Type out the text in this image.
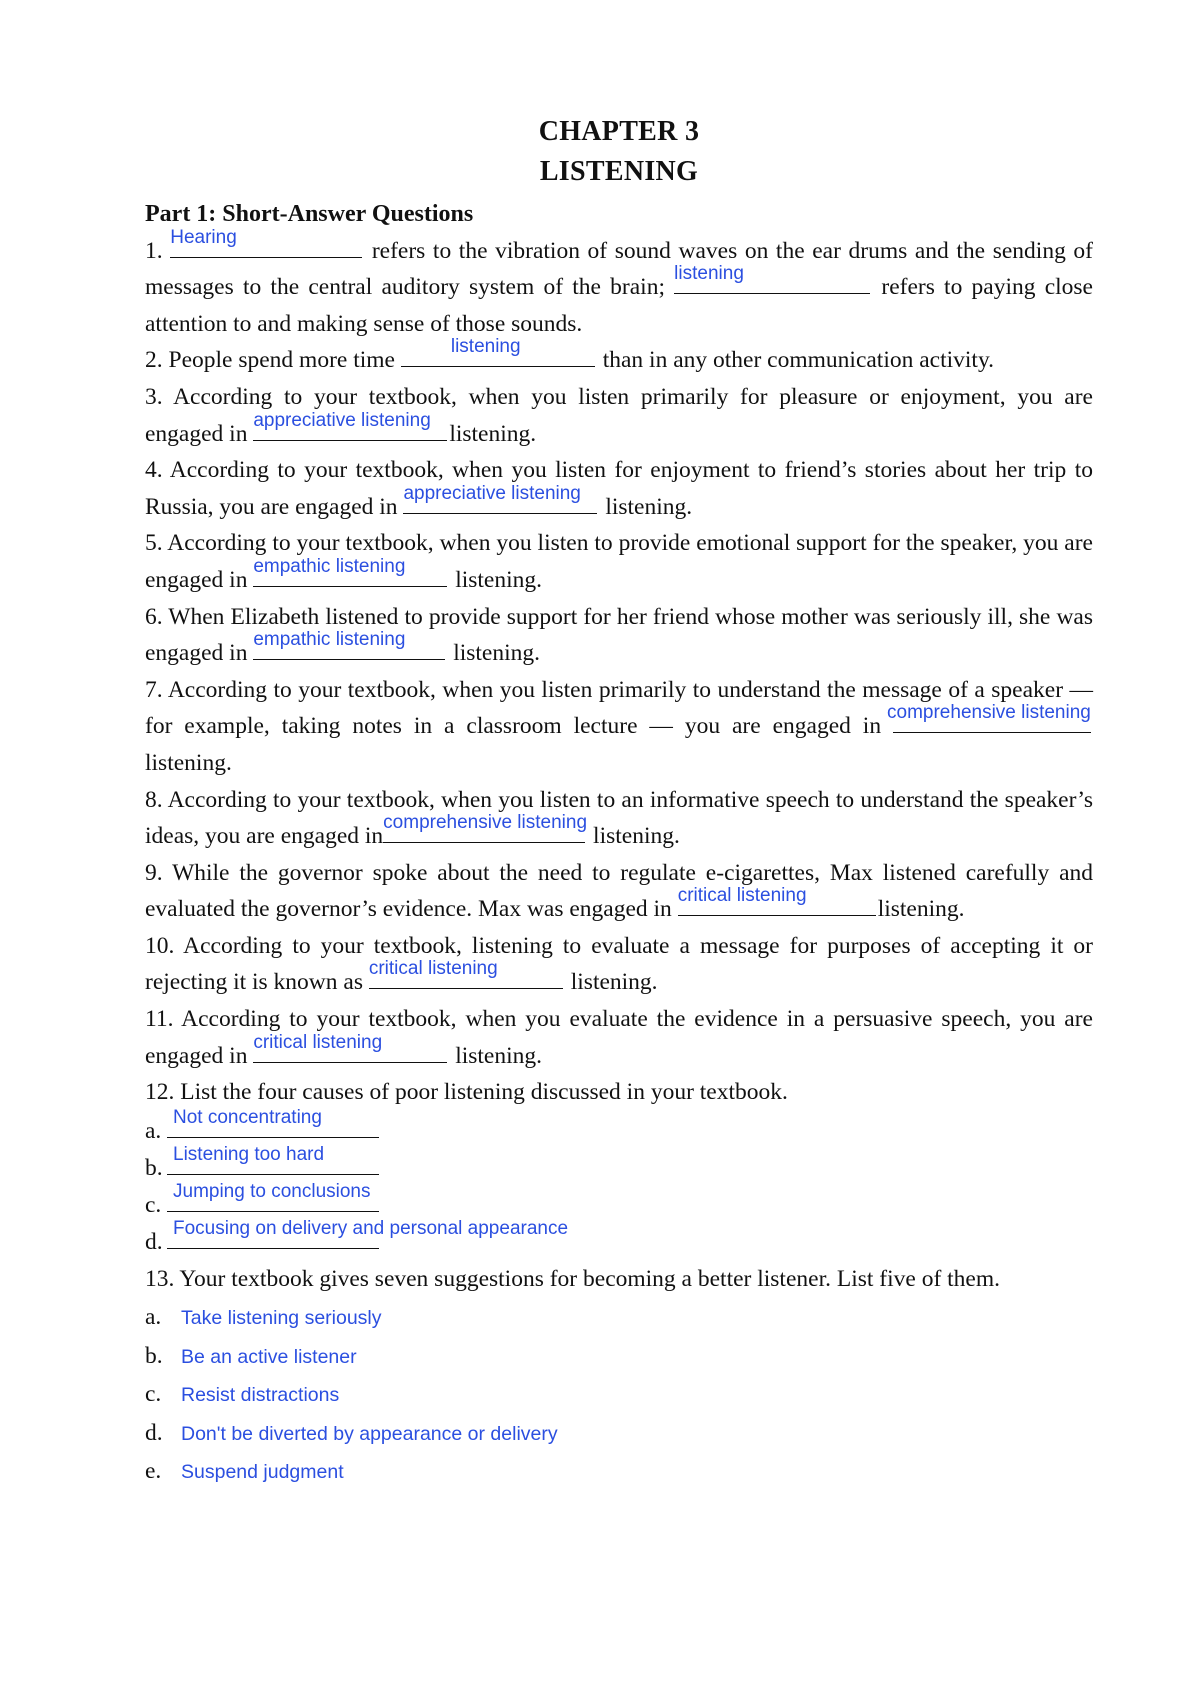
CHAPTER 3
LISTENING
Part 1: Short-Answer Questions
1.
Hearing
refers to the vibration of sound waves on the ear drums and the sending of messages to the central auditory system of the brain;
listening
refers to paying close attention to and making sense of those sounds.
2. People spend more time
listening
than in any other communication activity.
3. According to your textbook, when you listen primarily for pleasure or enjoyment, you are engaged in
appreciative listening
listening.
4. According to your textbook, when you listen for enjoyment to friend’s stories about her trip to Russia, you are engaged in
appreciative listening
listening.
5. According to your textbook, when you listen to provide emotional support for the speaker, you are engaged in
empathic listening
listening.
6. When Elizabeth listened to provide support for her friend whose mother was seriously ill, she was engaged in
empathic listening
listening.
7. According to your textbook, when you listen primarily to understand the message of a speaker — for example, taking notes in a classroom lecture — you are engaged in
comprehensive listening
listening.
8. According to your textbook, when you listen to an informative speech to understand the speaker’s ideas, you are engaged in
comprehensive listening
listening.
9. While the governor spoke about the need to regulate e-cigarettes, Max listened carefully and evaluated the governor’s evidence. Max was engaged in
critical listening
listening.
10. According to your textbook, listening to evaluate a message for purposes of accepting it or rejecting it is known as
critical listening
listening.
11. According to your textbook, when you evaluate the evidence in a persuasive speech, you are engaged in
critical listening
listening.
12. List the four causes of poor listening discussed in your textbook.
a.
Not concentrating
b.
Listening too hard
c.
Jumping to conclusions
d.
Focusing on delivery and personal appearance
13. Your textbook gives seven suggestions for becoming a better listener. List five of them.
a. Take listening seriously
b. Be an active listener
c. Resist distractions
d. Don't be diverted by appearance or delivery
e. Suspend judgment
